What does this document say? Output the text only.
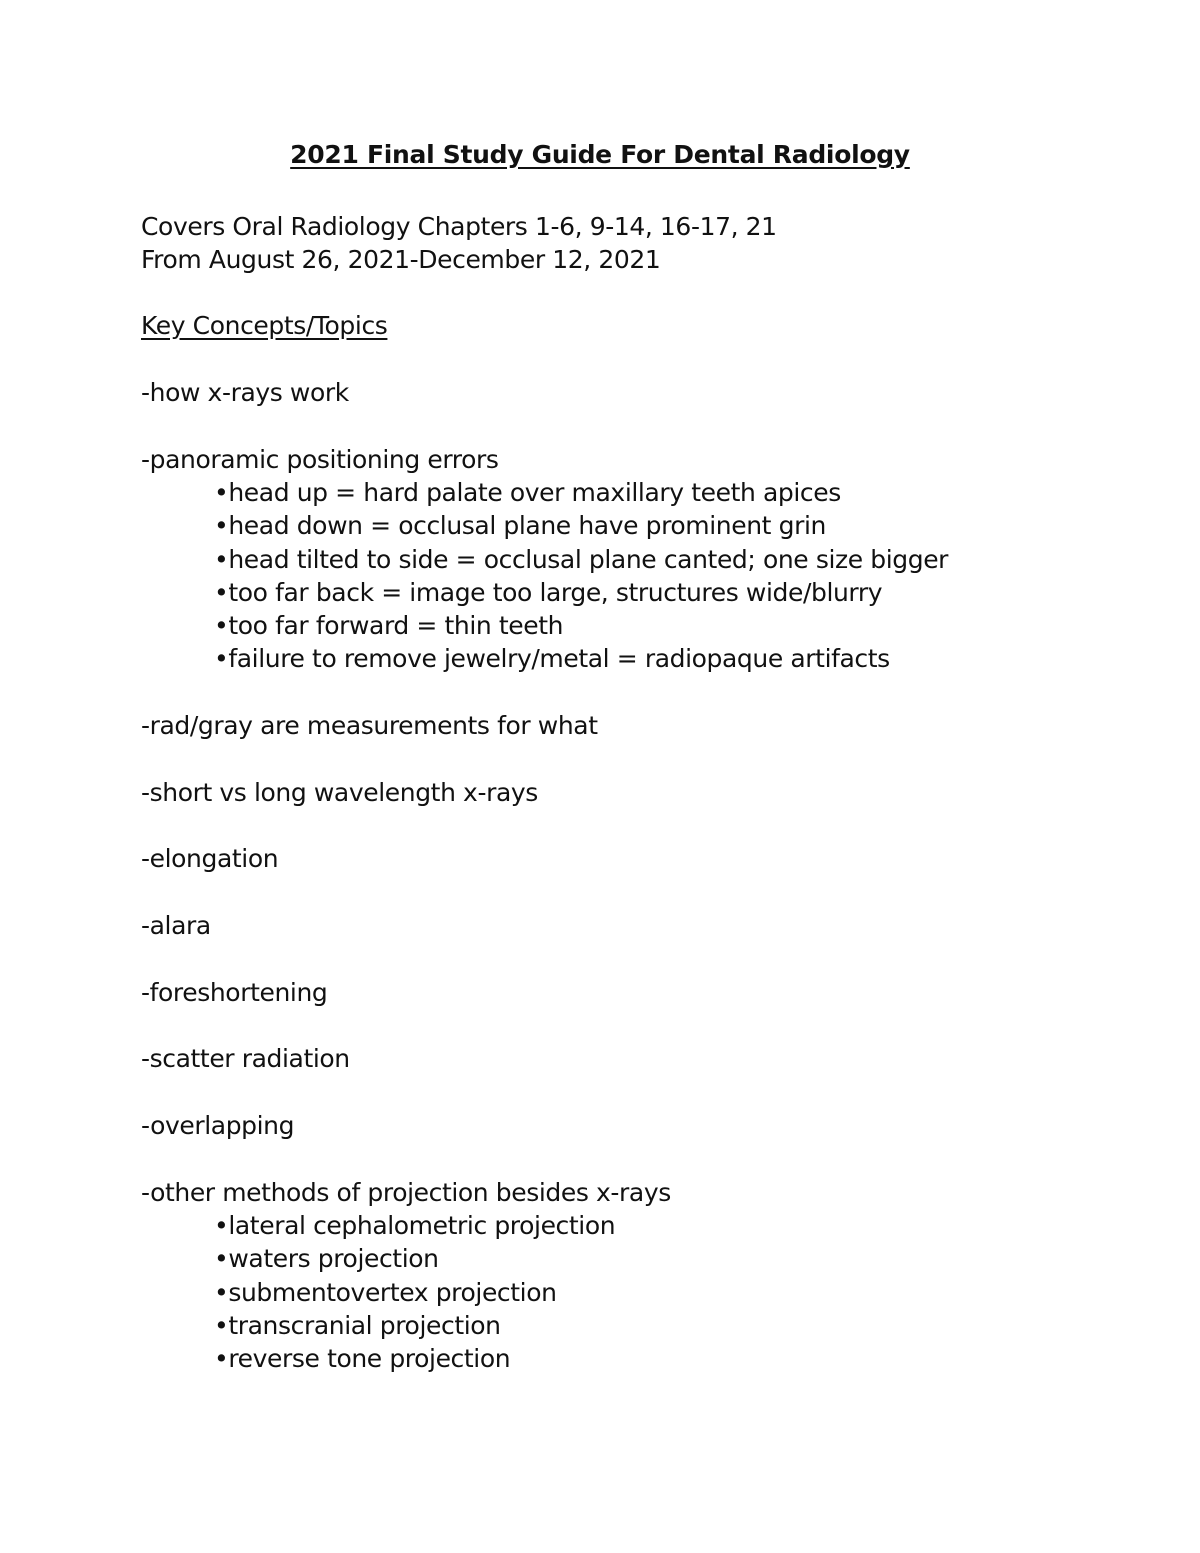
2021 Final Study Guide For Dental Radiology

Covers Oral Radiology Chapters 1-6, 9-14, 16-17, 21

From August 26, 2021-December 12, 2021

Key Concepts/Topics

-how x-rays work

-panoramic positioning errors

•head up = hard palate over maxillary teeth apices

•head down = occlusal plane have prominent grin

•head tilted to side = occlusal plane canted; one size bigger

•too far back = image too large, structures wide/blurry

•too far forward = thin teeth

•failure to remove jewelry/metal = radiopaque artifacts

-rad/gray are measurements for what

-short vs long wavelength x-rays

-elongation

-alara

-foreshortening

-scatter radiation

-overlapping

-other methods of projection besides x-rays

•lateral cephalometric projection

•waters projection

•submentovertex projection

•transcranial projection

•reverse tone projection
